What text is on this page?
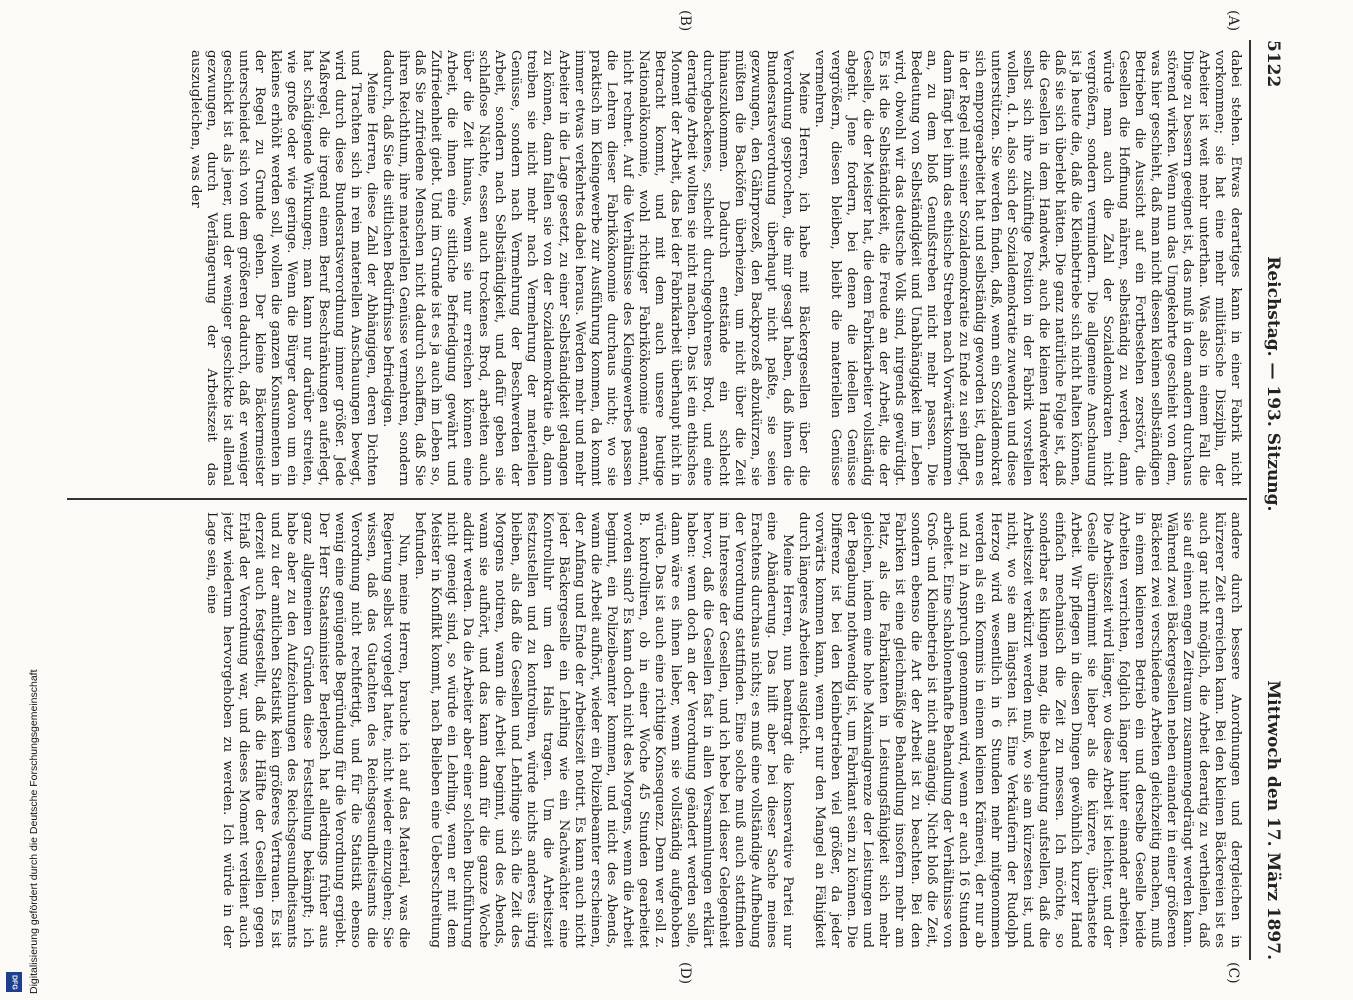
DFG	Digitalisierung gefördert durch die Deutsche Forschungsgemeinschaft
5122
Reichstag. — 193. Sitzung.
Mittwoch den 17. März 1897.
(A)
(B)
(C)
(D)

dabei stehen. Etwas derartiges kann in einer Fabrik nicht vorkommen; sie hat eine mehr militärische Disziplin, der Arbeiter ist weit mehr unterthan. Was also in einem Fall die Dinge zu bessern geeignet ist, das muß in dem andern durchaus störend wirken. Wenn nun das Umgekehrte geschieht von dem, was hier geschieht, daß man nicht diesen kleinen selbständigen Betrieben die Aussicht auf ein Fortbestehen zerstört, die Gesellen die Hoffnung nähren, selbständig zu werden, dann würde man auch die Zahl der Sozialdemokraten nicht vergrößern, sondern vermindern. Die allgemeine Anschauung ist ja heute die, daß die Kleinbetriebe sich nicht halten können, daß sie sich überlebt hätten. Die ganz natürliche Folge ist, daß die Gesellen in dem Handwerk, auch die kleinen Handwerker selbst sich ihre zukünftige Position in der Fabrik vorstellen wollen, d. h. also sich der Sozialdemokratie zuwenden und diese unterstützen. Sie werden finden, daß, wenn ein Sozialdemokrat sich emporgearbeitet hat und selbständig geworden ist, dann es in der Regel mit seiner Sozialdemokratie zu Ende zu sein pflegt, dann fängt bei ihm das ethische Streben nach Vorwärtskommen an, zu dem bloß Genußstreben nicht mehr passen. Die Bedeutung von Selbständigkeit und Unabhängigkeit im Leben wird, obwohl wir das deutsche Volk sind, nirgends gewürdigt. Es ist die Selbständigkeit, die Freude an der Arbeit, die der Geselle, die der Meister hat, die dem Fabrikarbeiter vollständig abgeht. Jene fordern, bei denen die ideellen Genüsse vergrößern, diesen bleiben, bleibt die materiellen Genüsse vermehren.

Meine Herren, ich habe mit Bäckergesellen über die Verordnung gesprochen, die mir gesagt haben, daß ihnen die Bundesratsverordnung überhaupt nicht paßte, sie seien gezwungen, den Gährprozeß, den Backprozeß abzukürzen, sie müßten die Backöfen überheizen, um nicht über die Zeit hinauszukommen. Dadurch entstände ein schlecht durchgebackenes, schlecht durchgegohrenes Brod, und eine derartige Arbeit wollten sie nicht machen. Das ist ein ethisches Moment der Arbeit, das bei der Fabrikarbeit überhaupt nicht in Betracht kommt, und mit dem auch unsere heutige Nationalökonomie, wohl richtiger Fabrikökonomie genannt, nicht rechnet. Auf die Verhältnisse des Kleingewerbes passen die Lehren dieser Fabrikökonomie durchaus nicht; wo sie praktisch im Kleingewerbe zur Ausführung kommen, da kommt immer etwas verkehrtes dabei heraus. Werden mehr und mehr Arbeiter in die Lage gesetzt, zu einer Selbständigkeit gelangen zu können, dann fallen sie von der Sozialdemokratie ab, dann treiben sie nicht mehr nach Vermehrung der materiellen Genüsse, sondern nach Vermehrung der Beschwerden der Arbeit, sondern nach Selbständigkeit, und dafür geben sie schlaflose Nächte, essen auch trockenes Brod, arbeiten auch über die Zeit hinaus, wenn sie nur erreichen können eine Arbeit, die ihnen eine sittliche Befriedigung gewährt und Zufriedenheit giebt. Und im Grunde ist es ja auch im Leben so, daß Sie zufriedene Menschen nicht dadurch schaffen, daß Sie ihren Reichthum, ihre materiellen Genüsse vermehren, sondern dadurch, daß Sie die sittlichen Bedürfnisse befriedigen.

Meine Herren, diese Zahl der Abhängigen, deren Dichten und Trachten sich in rein materiellen Anschauungen bewegt, wird durch diese Bundesratsverordnung immer größer. Jede Maßregel, die irgend einem Beruf Beschränkungen auferlegt, hat schädigende Wirkungen; man kann nur darüber streiten, wie große oder wie geringe. Wenn die Bürger davon um ein kleines erhöht werden soll, wollen die ganzen Konsumenten in der Regel zu Grunde gehen. Der kleine Bäckermeister unterscheidet sich von dem größeren dadurch, daß er weniger geschickt ist als jener, und der weniger geschickte ist allemal gezwungen, durch Verlängerung der Arbeitszeit das auszugleichen, was der

andere durch bessere Anordnungen und dergleichen in kürzerer Zeit erreichen kann. Bei den kleinen Bäckereien ist es auch gar nicht möglich, die Arbeit derartig zu vertheilen, daß sie auf einen engen Zeitraum zusammengedrängt werden kann. Während zwei Bäckergesellen neben einander in einer größeren Bäckerei zwei verschiedene Arbeiten gleichzeitig machen, muß in einem kleineren Betrieb ein und derselbe Geselle beide Arbeiten verrichten, folglich länger hinter einander arbeiten. Die Arbeitszeit wird länger, wo diese Arbeit ist leichter, und der Geselle übernimmt sie lieber als die kürzere, überhastete Arbeit. Wir pflegen in diesen Dingen gewöhnlich kurzer Hand einfach mechanisch die Zeit zu messen. Ich möchte, so sonderbar es klingen mag, die Behauptung aufstellen, daß die Arbeitszeit verkürzt werden muß, wo sie am kürzesten ist, und nicht, wo sie am längsten ist. Eine Verkäuferin der Rudolph Herzog wird wesentlich in 6 Stunden mehr mitgenommen werden als ein Kommis in einem kleinen Krämerei, der nur ab und zu in Anspruch genommen wird, wenn er auch 16 Stunden arbeitet. Eine schablonenhafte Behandlung der Verhältnisse von Groß- und Kleinbetrieb ist nicht angängig. Nicht bloß die Zeit, sondern ebenso die Art der Arbeit ist zu beachten. Bei den Fabriken ist eine gleichmäßige Behandlung insofern mehr am Platz, als die Fabrikanten in Leistungsfähigkeit sich mehr gleichen, indem eine hohe Maximalgrenze der Leistungen und der Begabung nothwendig ist, um Fabrikant sein zu können. Die Differenz ist bei den Kleinbetrieben viel größer, da jeder vorwärts kommen kann, wenn er nur den Mangel an Fähigkeit durch längeres Arbeiten ausgleicht.

Meine Herren, nun beantragt die konservative Partei nur eine Abänderung. Das hilft aber bei dieser Sache meines Erachtens durchaus nichts; es muß eine vollständige Aufhebung der Verordnung stattfinden. Eine solche muß auch stattfinden im Interesse der Gesellen, und ich hebe bei dieser Gelegenheit hervor, daß die Gesellen fast in allen Versammlungen erklärt haben: wenn doch an der Verordnung geändert werden solle, dann wäre es ihnen lieber, wenn sie vollständig aufgehoben würde. Das ist auch eine richtige Konsequenz. Denn wer soll z. B. kontrolliren, ob in einer Woche 45 Stunden gearbeitet worden sind? Es kann doch nicht des Morgens, wenn die Arbeit beginnt, ein Polizeibeamter kommen, und nicht des Abends, wann die Arbeit aufhört, wieder ein Polizeibeamter erscheinen, der Anfang und Ende der Arbeitszeit notirt. Es kann auch nicht jeder Bäckergeselle ein Lehrling wie ein Nachwächter eine Kontrolluhr um den Hals tragen. Um die Arbeitszeit festzustellen und zu kontroliren, würde nichts anderes übrig bleiben, als daß die Gesellen und Lehrlinge sich die Zeit des Morgens notiren, wann die Arbeit beginnt, und des Abends, wann sie aufhört, und das kann dann für die ganze Woche addirt werden. Da die Arbeiter aber einer solchen Buchführung nicht geneigt sind, so würde ein Lehrling, wenn er mit dem Meister in Konflikt kommt, nach Belieben eine Ueberschreitung befunden.

Nun, meine Herren, brauche ich auf das Material, was die Regierung selbst vorgelegt hatte, nicht wieder einzugehen; Sie wissen, daß das Gutachten des Reichsgesundheitsamts die Verordnung nicht rechtfertigt, und für die Statistik ebenso wenig eine genügende Begründung für die Verordnung ergiebt. Der Herr Staatsminister Berlepsch hat allerdings früher aus ganz allgemeinen Gründen diese Feststellung bekämpft; ich habe aber zu den Aufzeichnungen des Reichsgesundheitsamts und zu der amtlichen Statistik kein größeres Vertrauen. Es ist derzeit auch festgestellt, daß die Hälfte der Gesellen gegen Erlaß der Verordnung war, und dieses Moment verdient auch jetzt wiederum hervorgehoben zu werden. Ich würde in der Lage sein, eine
